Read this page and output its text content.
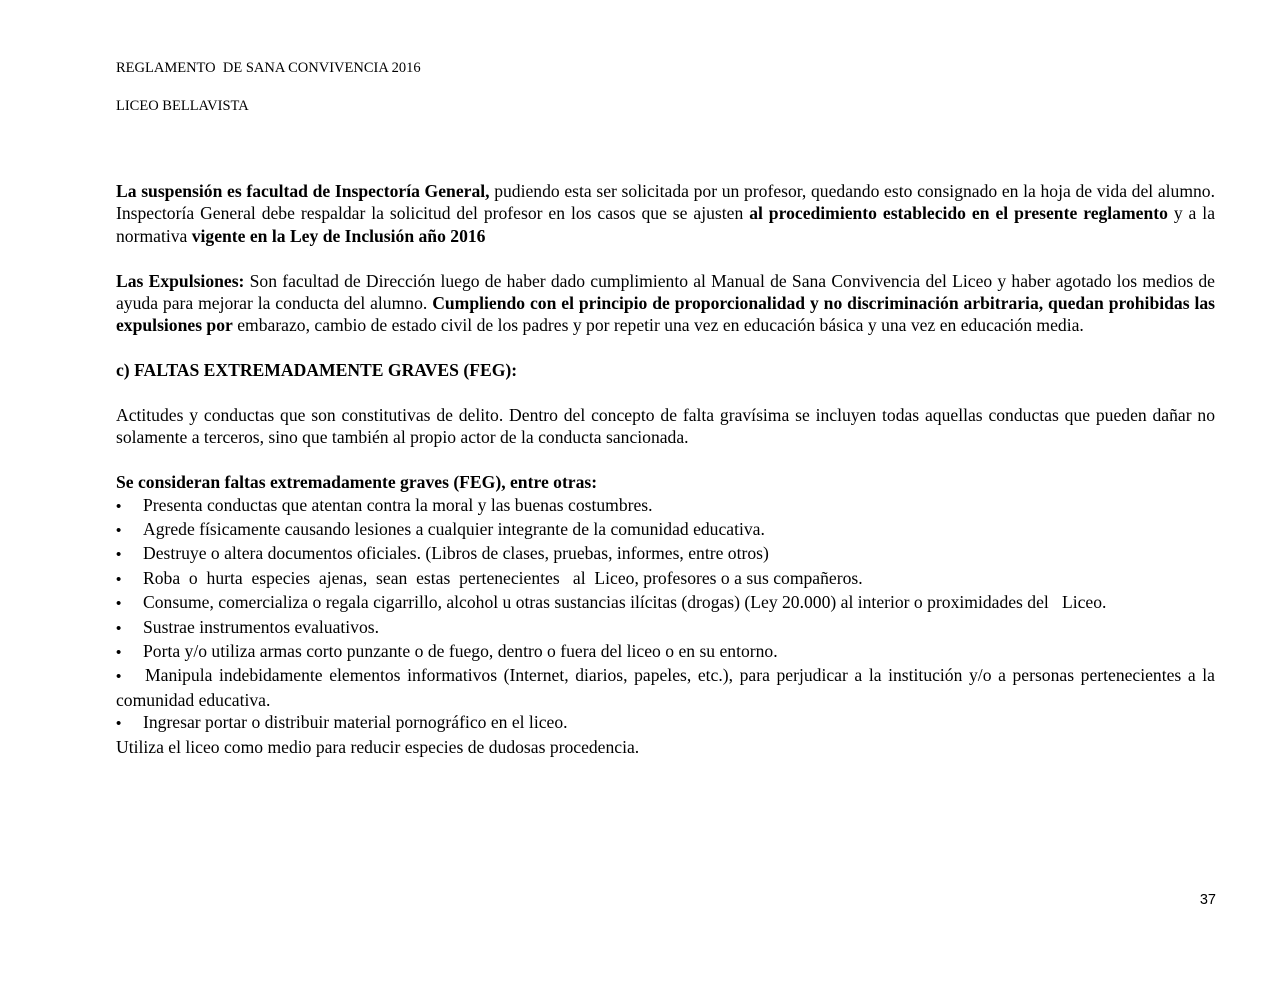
REGLAMENTO  DE SANA CONVIVENCIA 2016
LICEO BELLAVISTA

La suspensión es facultad de Inspectoría General, pudiendo esta ser solicitada por un profesor, quedando esto consignado en la hoja de vida del alumno. Inspectoría General debe respaldar la solicitud del profesor en los casos que se ajusten al procedimiento establecido en el presente reglamento y a la normativa vigente en la Ley de Inclusión año 2016

Las Expulsiones: Son facultad de Dirección luego de haber dado cumplimiento al Manual de Sana Convivencia del Liceo y haber agotado los medios de ayuda para mejorar la conducta del alumno. Cumpliendo con el principio de proporcionalidad y no discriminación arbitraria, quedan prohibidas las expulsiones por embarazo, cambio de estado civil de los padres y por repetir una vez en educación básica y una vez en educación media.

c) FALTAS EXTREMADAMENTE GRAVES (FEG):

Actitudes y conductas que son constitutivas de delito. Dentro del concepto de falta gravísima se incluyen todas aquellas conductas que pueden dañar no solamente a terceros, sino que también al propio actor de la conducta sancionada.

Se consideran faltas extremadamente graves (FEG), entre otras:

•	Presenta conductas que atentan contra la moral y las buenas costumbres.
•	Agrede físicamente causando lesiones a cualquier integrante de la comunidad educativa.
•	Destruye o altera documentos oficiales. (Libros de clases, pruebas, informes, entre otros)
•	Roba  o  hurta  especies  ajenas,  sean  estas  pertenecientes   al  Liceo, profesores o a sus compañeros.
•	Consume, comercializa o regala cigarrillo, alcohol u otras sustancias ilícitas (drogas) (Ley 20.000) al interior o proximidades del   Liceo.
•	Sustrae instrumentos evaluativos.
•	Porta y/o utiliza armas corto punzante o de fuego, dentro o fuera del liceo o en su entorno.

• Manipula indebidamente elementos informativos (Internet, diarios, papeles, etc.), para perjudicar a la institución y/o a personas pertenecientes a la comunidad educativa.

•	Ingresar portar o distribuir material pornográfico en el liceo.

Utiliza el liceo como medio para reducir especies de dudosas procedencia.

37
